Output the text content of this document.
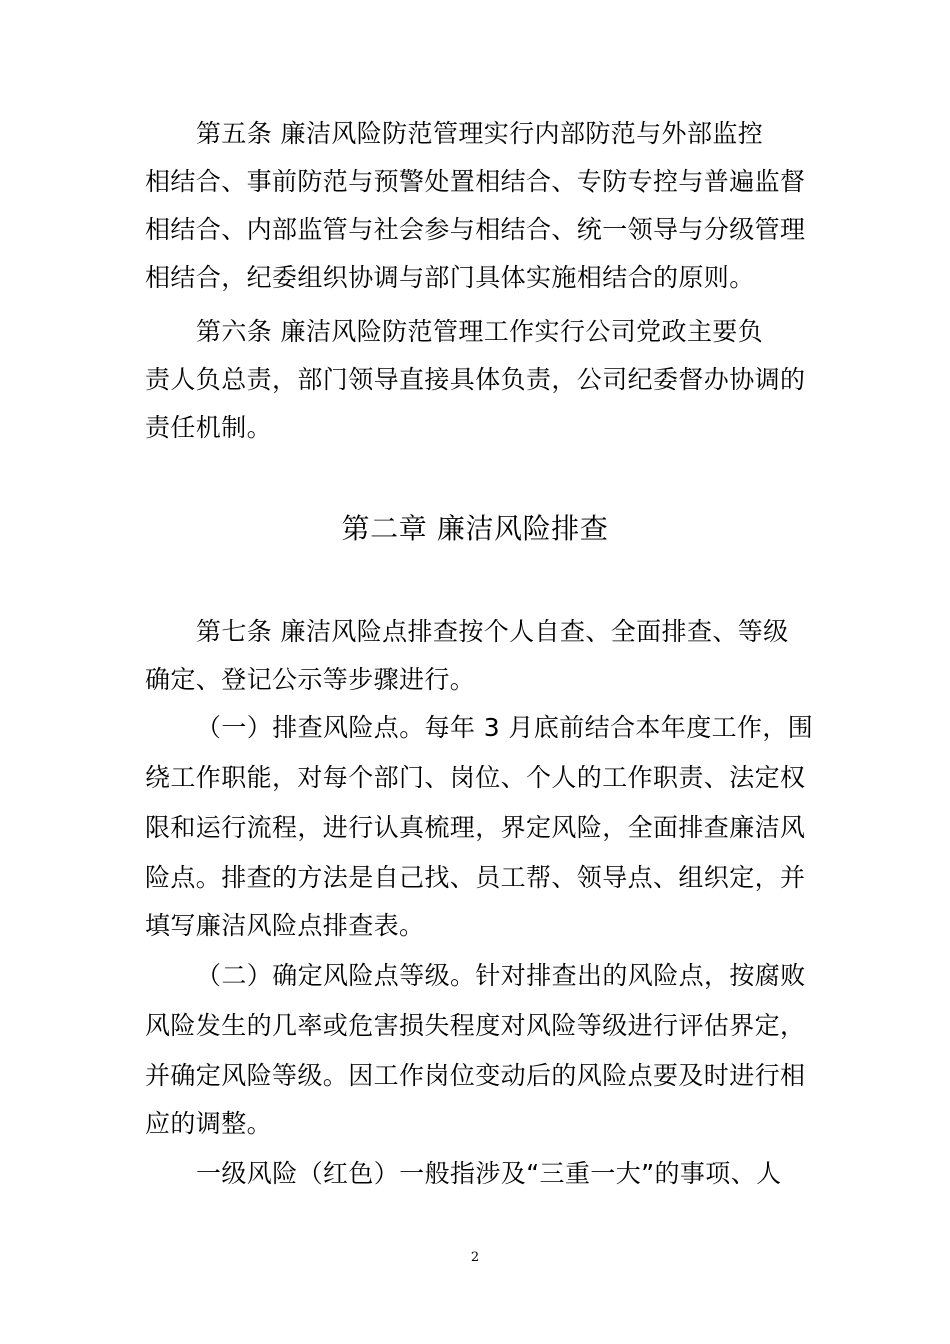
第五条 廉洁风险防范管理实行内部防范与外部监控
相结合、事前防范与预警处置相结合、专防专控与普遍监督
相结合、内部监管与社会参与相结合、统一领导与分级管理
相结合，纪委组织协调与部门具体实施相结合的原则。
第六条 廉洁风险防范管理工作实行公司党政主要负
责人负总责，部门领导直接具体负责，公司纪委督办协调的
责任机制。
第二章 廉洁风险排查
第七条 廉洁风险点排查按个人自查、全面排查、等级
确定、登记公示等步骤进行。
（一）排查风险点。每年 3 月底前结合本年度工作，围
绕工作职能，对每个部门、岗位、个人的工作职责、法定权
限和运行流程，进行认真梳理，界定风险，全面排查廉洁风
险点。排查的方法是自己找、员工帮、领导点、组织定，并
填写廉洁风险点排查表。
（二）确定风险点等级。针对排查出的风险点，按腐败
风险发生的几率或危害损失程度对风险等级进行评估界定，
并确定风险等级。因工作岗位变动后的风险点要及时进行相
应的调整。
一级风险（红色）一般指涉及“三重一大”的事项、人
2
